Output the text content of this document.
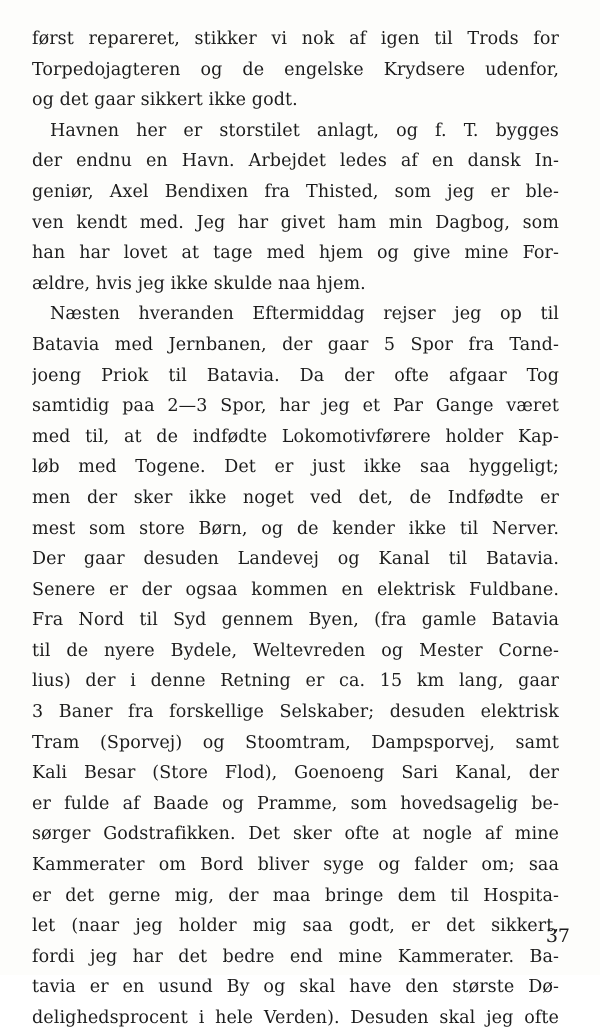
først repareret, stikker vi nok af igen til Trods for
Torpedojagteren og de engelske Krydsere udenfor,
og det gaar sikkert ikke godt.
Havnen her er storstilet anlagt, og f. T. bygges
der endnu en Havn. Arbejdet ledes af en dansk In-
geniør, Axel Bendixen fra Thisted, som jeg er ble-
ven kendt med. Jeg har givet ham min Dagbog, som
han har lovet at tage med hjem og give mine For-
ældre, hvis jeg ikke skulde naa hjem.
Næsten hveranden Eftermiddag rejser jeg op til
Batavia med Jernbanen, der gaar 5 Spor fra Tand-
joeng Priok til Batavia. Da der ofte afgaar Tog
samtidig paa 2—3 Spor, har jeg et Par Gange været
med til, at de indfødte Lokomotivførere holder Kap-
løb med Togene. Det er just ikke saa hyggeligt;
men der sker ikke noget ved det, de Indfødte er
mest som store Børn, og de kender ikke til Nerver.
Der gaar desuden Landevej og Kanal til Batavia.
Senere er der ogsaa kommen en elektrisk Fuldbane.
Fra Nord til Syd gennem Byen, (fra gamle Batavia
til de nyere Bydele, Weltevreden og Mester Corne-
lius) der i denne Retning er ca. 15 km lang, gaar
3 Baner fra forskellige Selskaber; desuden elektrisk
Tram (Sporvej) og Stoomtram, Dampsporvej, samt
Kali Besar (Store Flod), Goenoeng Sari Kanal, der
er fulde af Baade og Pramme, som hovedsagelig be-
sørger Godstrafikken. Det sker ofte at nogle af mine
Kammerater om Bord bliver syge og falder om; saa
er det gerne mig, der maa bringe dem til Hospita-
let (naar jeg holder mig saa godt, er det sikkert,
fordi jeg har det bedre end mine Kammerater. Ba-
tavia er en usund By og skal have den største Dø-
delighedsprocent i hele Verden). Desuden skal jeg ofte
37
